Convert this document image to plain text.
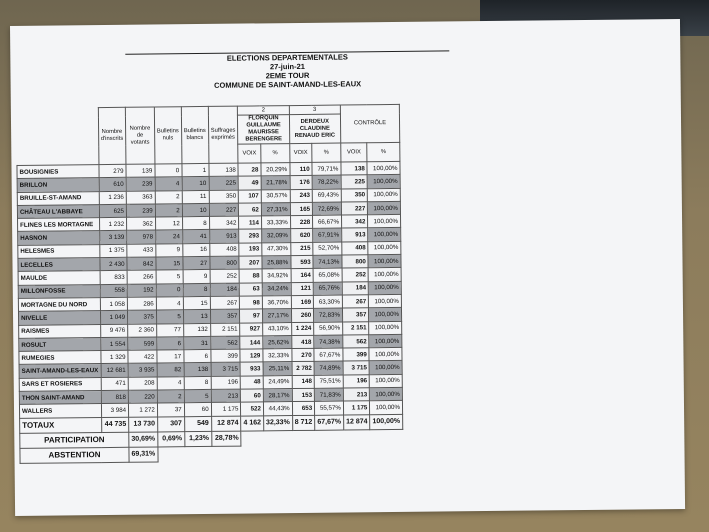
ELECTIONS DEPARTEMENTALES
27-juin-21
2EME TOUR
COMMUNE DE SAINT-AMAND-LES-EAUX
	Nombre d'inscrits	Nombre de votants	Bulletins nuls	Bulletins blancs	Suffrages exprimés	2		3		CONTRÔLE	
						FLORQUIN GUILLAUME MAURISSE BERENGERE		DERDEUX CLAUDINE RENAUD ERIC			
						VOIX	%	VOIX	%	VOIX	%
BOUSIGNIES	279	139	0	1	138	28	20,29%	110	79,71%	138	100,00%
BRILLON	610	239	4	10	225	49	21,78%	176	78,22%	225	100,00%
BRUILLE-ST-AMAND	1 236	363	2	11	350	107	30,57%	243	69,43%	350	100,00%
CHÂTEAU L'ABBAYE	625	239	2	10	227	62	27,31%	165	72,69%	227	100,00%
FLINES LES MORTAGNE	1 232	362	12	8	342	114	33,33%	228	66,67%	342	100,00%
HASNON	3 139	978	24	41	913	293	32,09%	620	67,91%	913	100,00%
HELESMES	1 375	433	9	16	408	193	47,30%	215	52,70%	408	100,00%
LECELLES	2 430	842	15	27	800	207	25,88%	593	74,13%	800	100,00%
MAULDE	833	266	5	9	252	88	34,92%	164	65,08%	252	100,00%
MILLONFOSSE	558	192	0	8	184	63	34,24%	121	65,76%	184	100,00%
MORTAGNE DU NORD	1 058	286	4	15	267	98	36,70%	169	63,30%	267	100,00%
NIVELLE	1 049	375	5	13	357	97	27,17%	260	72,83%	357	100,00%
RAISMES	9 476	2 360	77	132	2 151	927	43,10%	1 224	56,90%	2 151	100,00%
ROSULT	1 554	599	6	31	562	144	25,62%	418	74,38%	562	100,00%
RUMEGIES	1 329	422	17	6	399	129	32,33%	270	67,67%	399	100,00%
SAINT-AMAND-LES-EAUX	12 681	3 935	82	138	3 715	933	25,11%	2 782	74,89%	3 715	100,00%
SARS ET ROSIERES	471	208	4	8	196	48	24,49%	148	75,51%	196	100,00%
THON SAINT-AMAND	818	220	2	5	213	60	28,17%	153	71,83%	213	100,00%
WALLERS	3 984	1 272	37	60	1 175	522	44,43%	653	55,57%	1 175	100,00%
TOTAUX	44 735	13 730	307	549	12 874	4 162	32,33%	8 712	67,67%	12 874	100,00%
PARTICIPATION		30,69%	0,69%	1,23%	28,78%						
ABSTENTION		69,31%									
